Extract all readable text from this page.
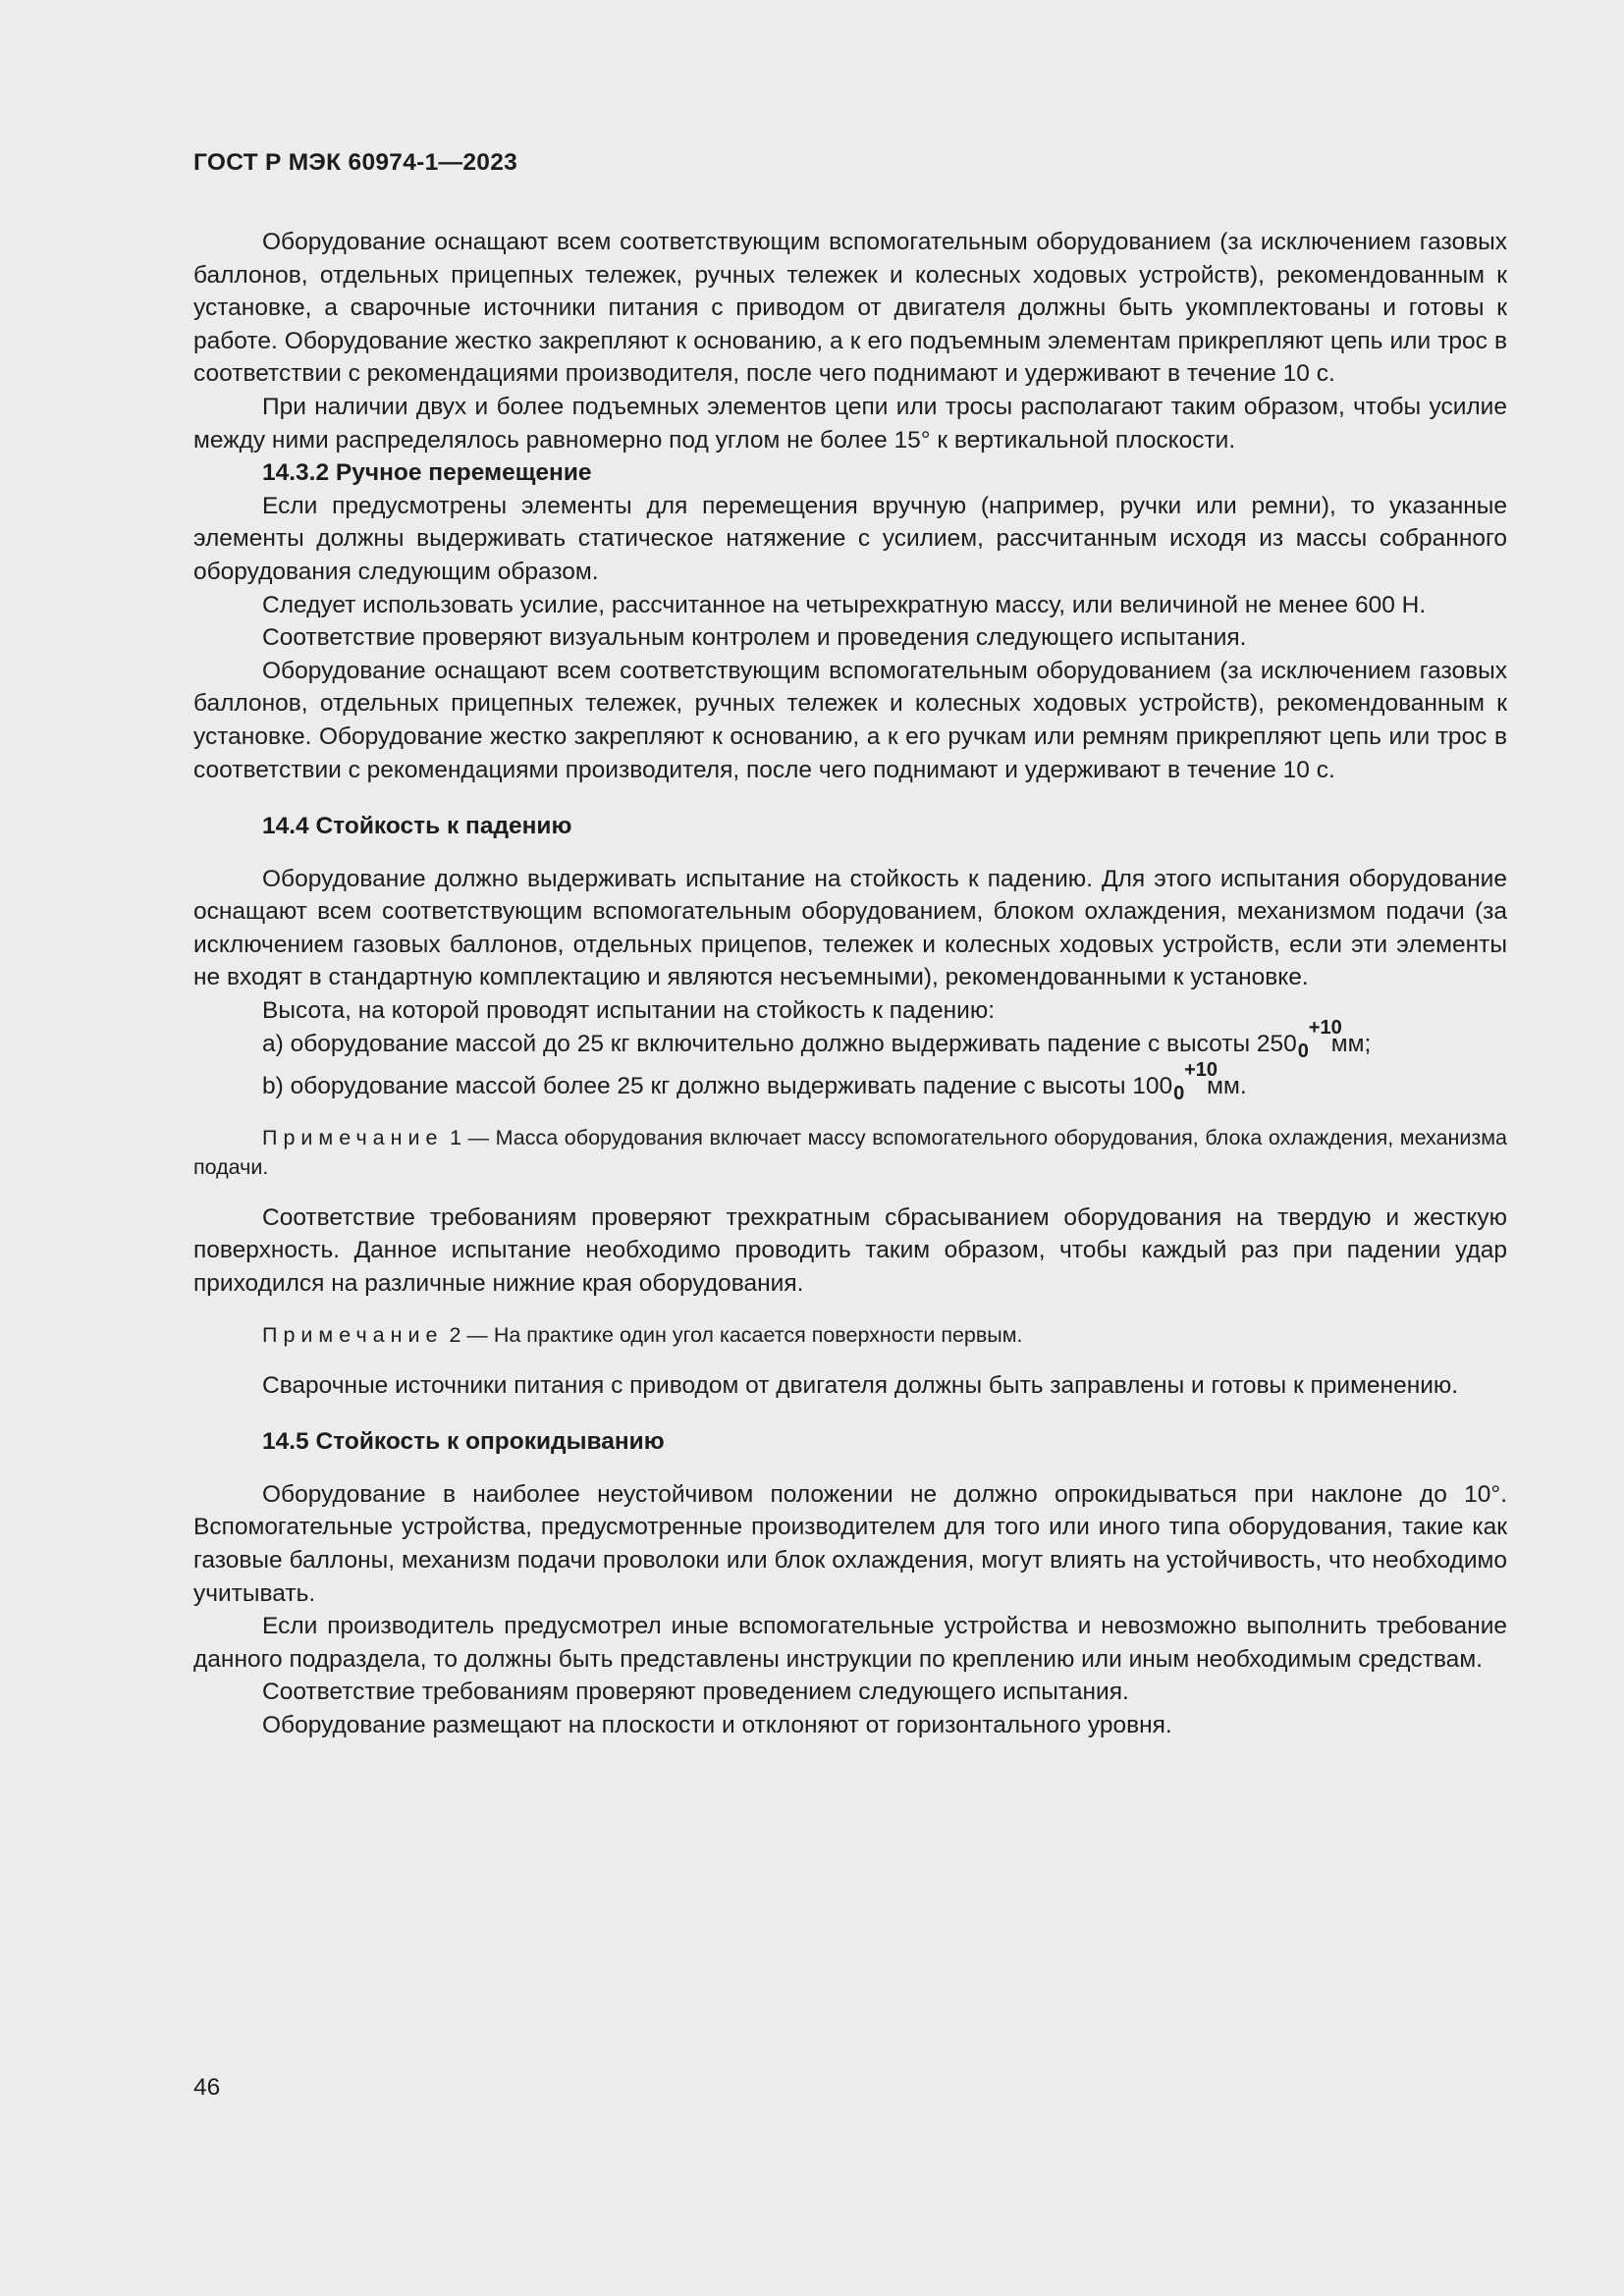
ГОСТ Р МЭК 60974-1—2023

Оборудование оснащают всем соответствующим вспомогательным оборудованием (за исключением газовых баллонов, отдельных прицепных тележек, ручных тележек и колесных ходовых устройств), рекомендованным к установке, а сварочные источники питания с приводом от двигателя должны быть укомплектованы и готовы к работе. Оборудование жестко закрепляют к основанию, а к его подъемным элементам прикрепляют цепь или трос в соответствии с рекомендациями производителя, после чего поднимают и удерживают в течение 10 с.

При наличии двух и более подъемных элементов цепи или тросы располагают таким образом, чтобы усилие между ними распределялось равномерно под углом не более 15° к вертикальной плоскости.

14.3.2 Ручное перемещение

Если предусмотрены элементы для перемещения вручную (например, ручки или ремни), то указанные элементы должны выдерживать статическое натяжение с усилием, рассчитанным исходя из массы собранного оборудования следующим образом.

Следует использовать усилие, рассчитанное на четырехкратную массу, или величиной не менее 600 Н.

Соответствие проверяют визуальным контролем и проведения следующего испытания.

Оборудование оснащают всем соответствующим вспомогательным оборудованием (за исключением газовых баллонов, отдельных прицепных тележек, ручных тележек и колесных ходовых устройств), рекомендованным к установке. Оборудование жестко закрепляют к основанию, а к его ручкам или ремням прикрепляют цепь или трос в соответствии с рекомендациями производителя, после чего поднимают и удерживают в течение 10 с.

14.4 Стойкость к падению

Оборудование должно выдерживать испытание на стойкость к падению. Для этого испытания оборудование оснащают всем соответствующим вспомогательным оборудованием, блоком охлаждения, механизмом подачи (за исключением газовых баллонов, отдельных прицепов, тележек и колесных ходовых устройств, если эти элементы не входят в стандартную комплектацию и являются несъемными), рекомендованными к установке.

Высота, на которой проводят испытании на стойкость к падению:

а) оборудование массой до 25 кг включительно должно выдерживать падение с высоты 250
+10
0 мм;

b) оборудование массой более 25 кг должно выдерживать падение с высоты 100
+10
0 мм.

Примечание 1 — Масса оборудования включает массу вспомогательного оборудования, блока охлаждения, механизма подачи.

Соответствие требованиям проверяют трехкратным сбрасыванием оборудования на твердую и жесткую поверхность. Данное испытание необходимо проводить таким образом, чтобы каждый раз при падении удар приходился на различные нижние края оборудования.

Примечание 2 — На практике один угол касается поверхности первым.

Сварочные источники питания с приводом от двигателя должны быть заправлены и готовы к применению.

14.5 Стойкость к опрокидыванию

Оборудование в наиболее неустойчивом положении не должно опрокидываться при наклоне до 10°. Вспомогательные устройства, предусмотренные производителем для того или иного типа оборудования, такие как газовые баллоны, механизм подачи проволоки или блок охлаждения, могут влиять на устойчивость, что необходимо учитывать.

Если производитель предусмотрел иные вспомогательные устройства и невозможно выполнить требование данного подраздела, то должны быть представлены инструкции по креплению или иным необходимым средствам.

Соответствие требованиям проверяют проведением следующего испытания.

Оборудование размещают на плоскости и отклоняют от горизонтального уровня.

46
